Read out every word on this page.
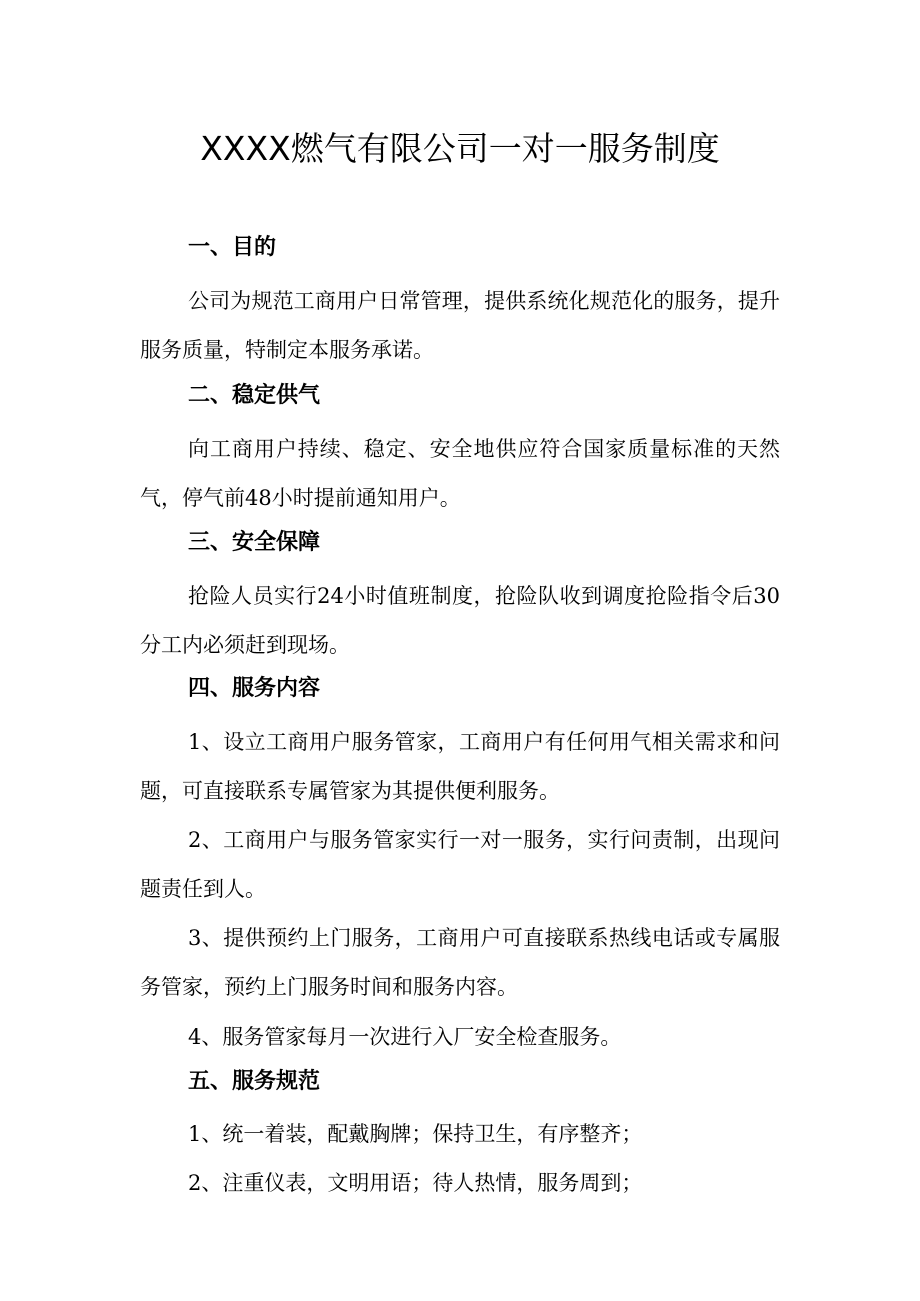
XXXX燃气有限公司一对一服务制度
一、目的

公司为规范工商用户日常管理，提供系统化规范化的服务，提升服务质量，特制定本服务承诺。

二、稳定供气

向工商用户持续、稳定、安全地供应符合国家质量标准的天然气，停气前48小时提前通知用户。

三、安全保障

抢险人员实行24小时值班制度，抢险队收到调度抢险指令后30分工内必须赶到现场。

四、服务内容

1、设立工商用户服务管家，工商用户有任何用气相关需求和问题，可直接联系专属管家为其提供便利服务。

2、工商用户与服务管家实行一对一服务，实行问责制，出现问题责任到人。

3、提供预约上门服务，工商用户可直接联系热线电话或专属服务管家，预约上门服务时间和服务内容。

4、服务管家每月一次进行入厂安全检查服务。

五、服务规范

1、统一着装，配戴胸牌；保持卫生，有序整齐；

2、注重仪表，文明用语；待人热情，服务周到；
